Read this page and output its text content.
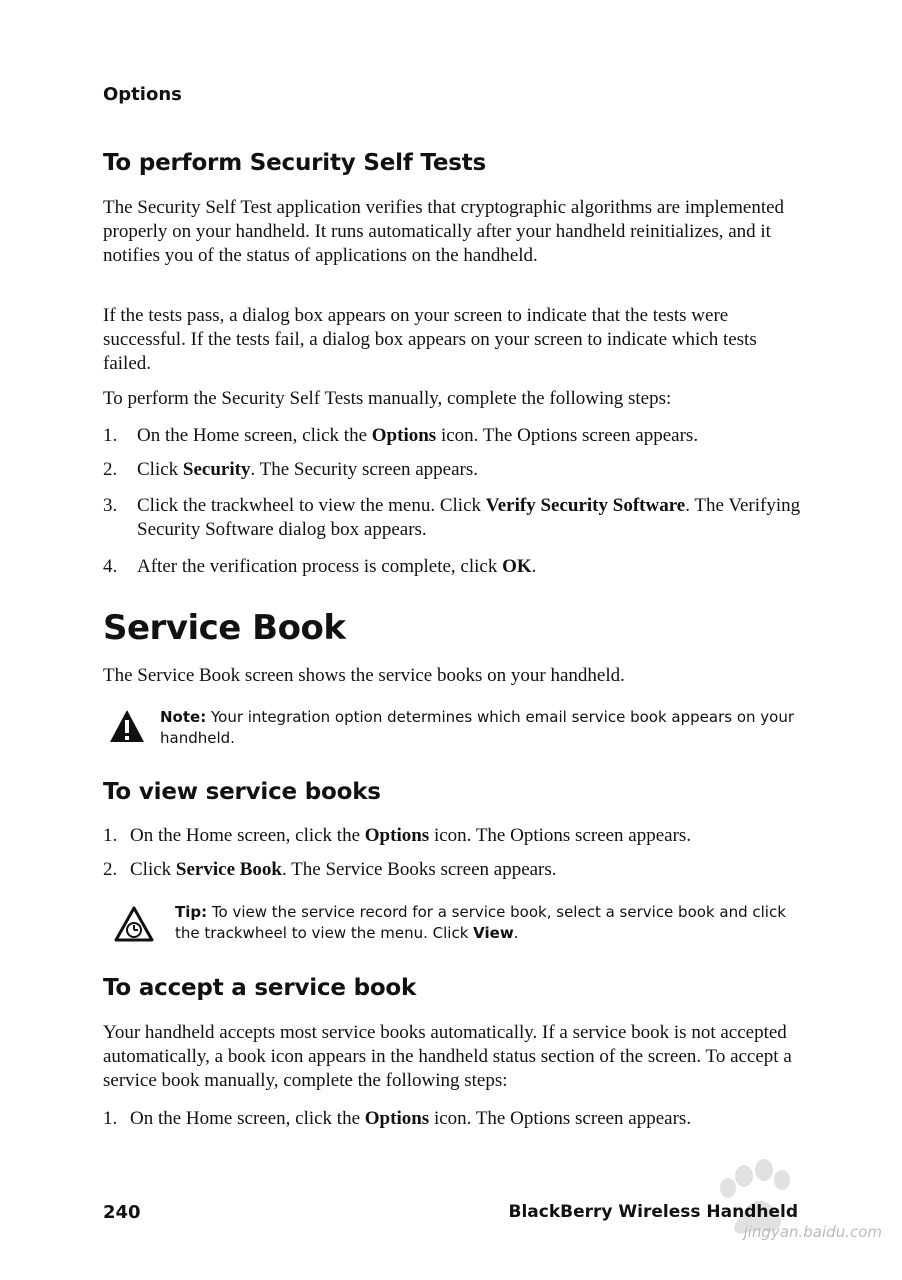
Options
To perform Security Self Tests

The Security Self Test application verifies that cryptographic algorithms are implemented properly on your handheld. It runs automatically after your handheld reinitializes, and it notifies you of the status of applications on the handheld.

If the tests pass, a dialog box appears on your screen to indicate that the tests were successful. If the tests fail, a dialog box appears on your screen to indicate which tests failed.

To perform the Security Self Tests manually, complete the following steps:

1. On the Home screen, click the Options icon. The Options screen appears.
2. Click Security. The Security screen appears.
3. Click the trackwheel to view the menu. Click Verify Security Software. The Verifying Security Software dialog box appears.
4. After the verification process is complete, click OK.
Service Book

The Service Book screen shows the service books on your handheld.

Note: Your integration option determines which email service book appears on your handheld.
To view service books
1. On the Home screen, click the Options icon. The Options screen appears.
2. Click Service Book. The Service Books screen appears.
Tip: To view the service record for a service book, select a service book and click the trackwheel to view the menu. Click View.
To accept a service book

Your handheld accepts most service books automatically. If a service book is not accepted automatically, a book icon appears in the handheld status section of the screen. To accept a service book manually, complete the following steps:

1. On the Home screen, click the Options icon. The Options screen appears.
jingyan.baidu.com
240	BlackBerry Wireless Handheld
